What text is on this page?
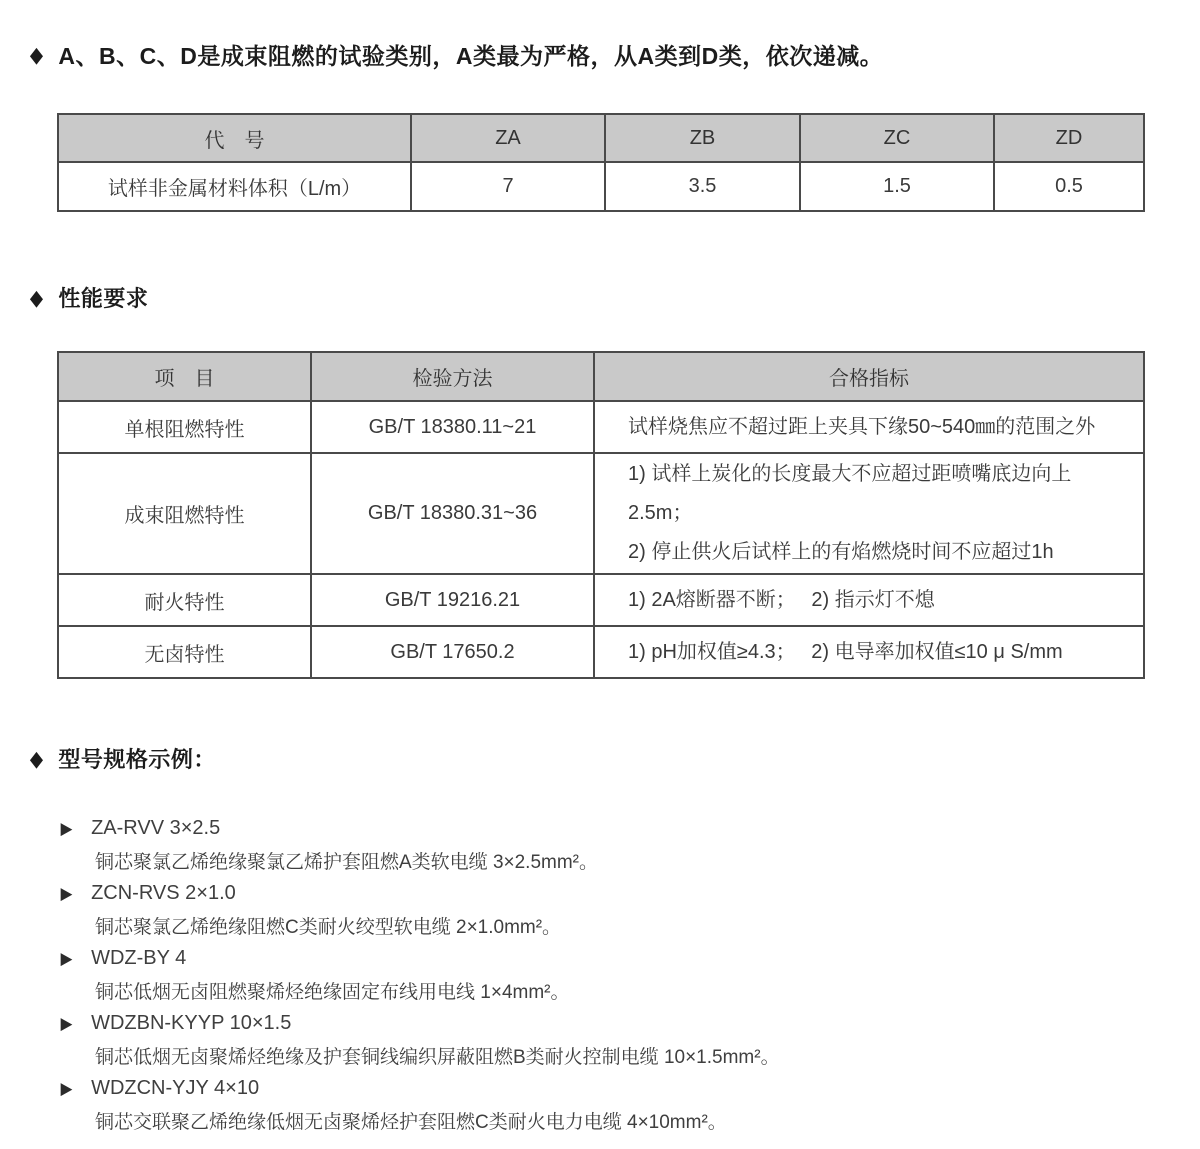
◆ A、B、C、D是成束阻燃的试验类别，A类最为严格，从A类到D类，依次递减。
代　号	ZA	ZB	ZC	ZD
试样非金属材料体积（L/m）	7	3.5	1.5	0.5
◆ 性能要求
项　目	检验方法	合格指标
单根阻燃特性	GB/T 18380.11~21	试样烧焦应不超过距上夹具下缘50~540㎜的范围之外

成束阻燃特性	GB/T 18380.31~36	1) 试样上炭化的长度最大不应超过距喷嘴底边向上2.5m；
2) 停止供火后试样上的有焰燃烧时间不应超过1h

耐火特性	GB/T 19216.21	1) 2A熔断器不断；　 2) 指示灯不熄

无卤特性	GB/T 17650.2	1) pH加权值≥4.3；　 2) 电导率加权值≤10 μ S/mm
◆ 型号规格示例：
▶ ZA-RVV 3×2.5
铜芯聚氯乙烯绝缘聚氯乙烯护套阻燃A类软电缆 3×2.5mm²。
▶ ZCN-RVS 2×1.0
铜芯聚氯乙烯绝缘阻燃C类耐火绞型软电缆 2×1.0mm²。
▶ WDZ-BY 4
铜芯低烟无卤阻燃聚烯烃绝缘固定布线用电线 1×4mm²。
▶ WDZBN-KYYP 10×1.5
铜芯低烟无卤聚烯烃绝缘及护套铜线编织屏蔽阻燃B类耐火控制电缆 10×1.5mm²。
▶ WDZCN-YJY 4×10
铜芯交联聚乙烯绝缘低烟无卤聚烯烃护套阻燃C类耐火电力电缆 4×10mm²。
